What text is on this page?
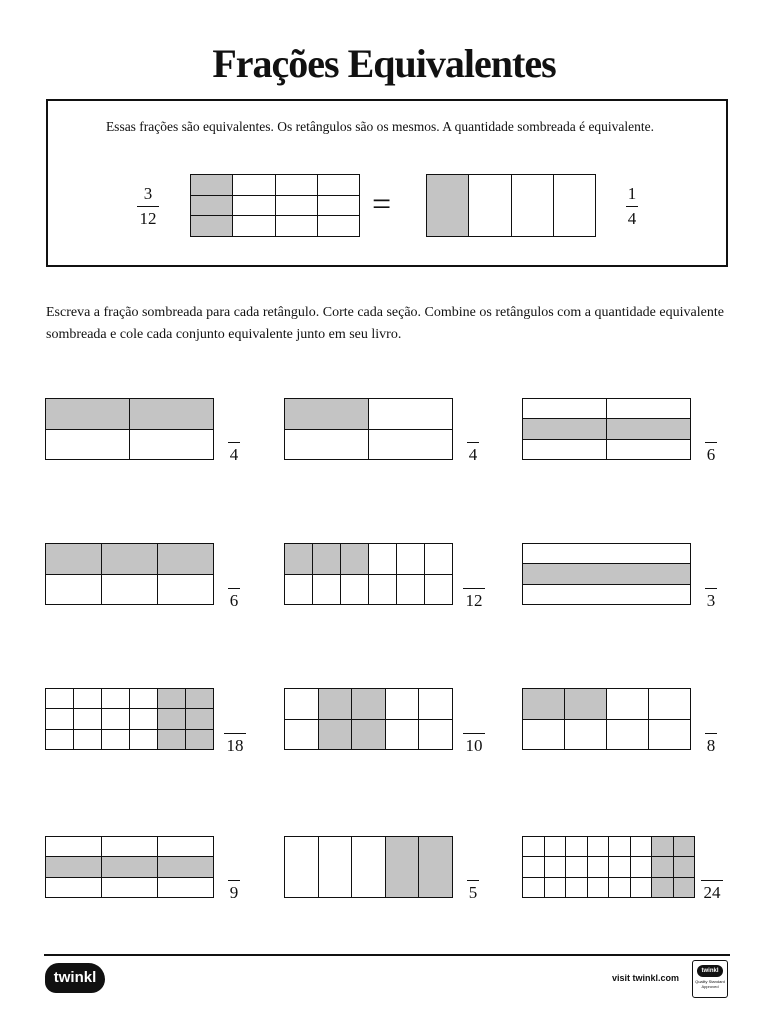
Frações Equivalentes
Essas frações são equivalentes. Os retângulos são os mesmos. A quantidade sombreada é equivalente.
3
12	=	1
4
Escreva a fração sombreada para cada retângulo. Corte cada seção. Combine os retângulos com a quantidade equivalente sombreada e cole cada conjunto equivalente junto em seu livro.
4	4	6
6	12	3
18	10	8
9	5	24
twinkl	visit twinkl.com
twinkl
Quality Standard Approved
